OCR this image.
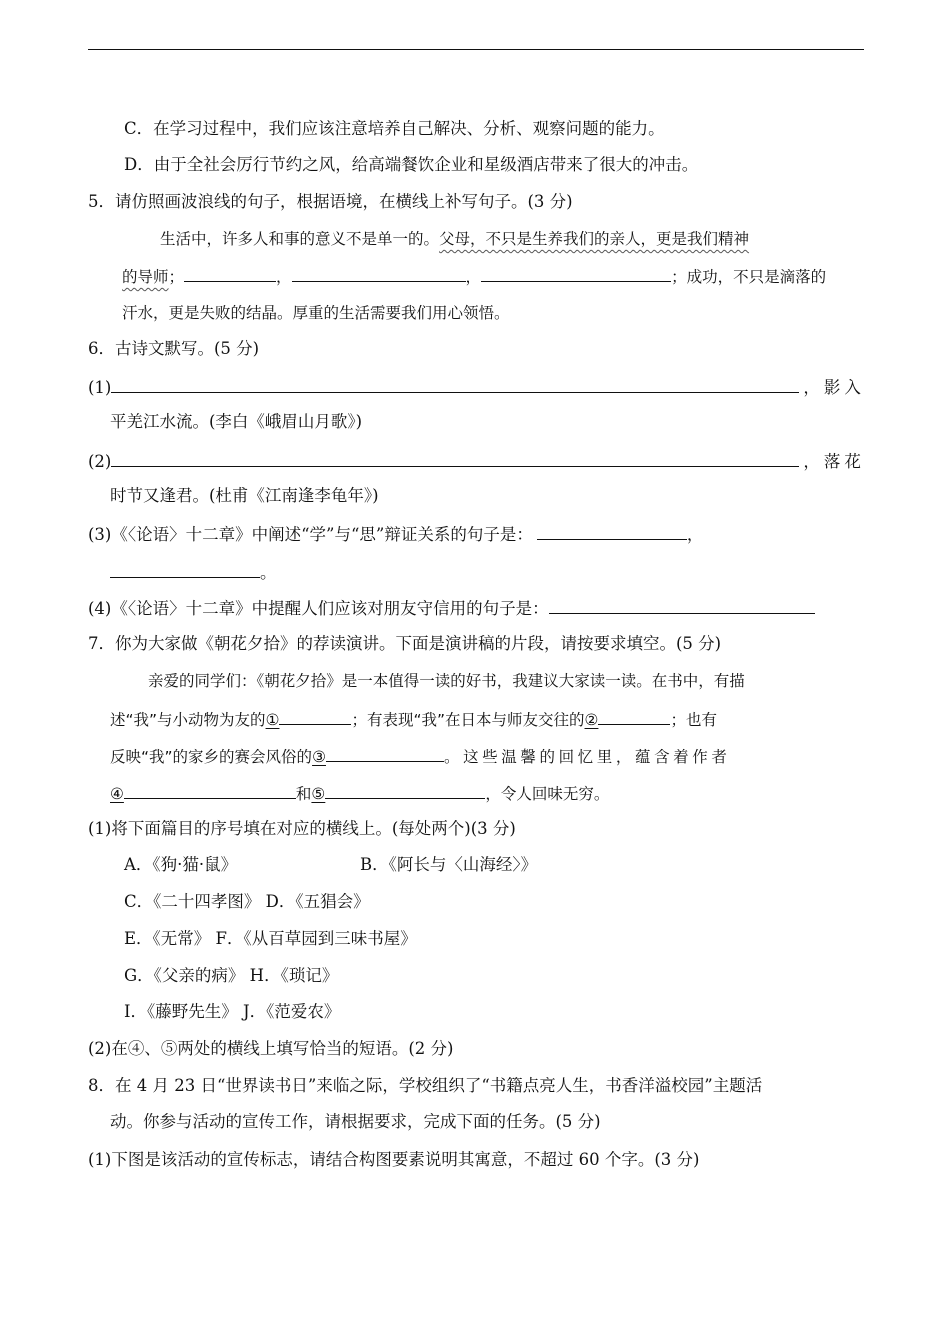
C．在学习过程中，我们应该注意培养自己解决、分析、观察问题的能力。
D．由于全社会厉行节约之风，给高端餐饮企业和星级酒店带来了很大的冲击。
5．请仿照画波浪线的句子，根据语境，在横线上补写句子。(3 分)
生活中，许多人和事的意义不是单一的。父母，不只是生养我们的亲人，更是我们精神
的导师；	，	，	；成功，不只是滴落的
汗水，更是失败的结晶。厚重的生活需要我们用心领悟。
6．古诗文默写。(5 分)
(1)	，影入
平羌江水流。(李白《峨眉山月歌》)
(2)	，落花
时节又逢君。(杜甫《江南逢李龟年》)
(3)《〈论语〉十二章》中阐述“学”与“思”辩证关系的句子是：	，
。
(4)《〈论语〉十二章》中提醒人们应该对朋友守信用的句子是：
7．你为大家做《朝花夕拾》的荐读演讲。下面是演讲稿的片段，请按要求填空。(5 分)
亲爱的同学们：《朝花夕拾》是一本值得一读的好书，我建议大家读一读。在书中，有描
述“我”与小动物为友的①	；有表现“我”在日本与师友交往的②	；也有
反映“我”的家乡的赛会风俗的③	。这些温馨的回忆里，蕴含着作者
④	和⑤	，令人回味无穷。
(1)将下面篇目的序号填在对应的横线上。(每处两个)(3 分)
A．《狗·猫·鼠》	B．《阿长与〈山海经〉》
C．《二十四孝图》 D．《五猖会》
E．《无常》 F．《从百草园到三味书屋》
G．《父亲的病》 H．《琐记》
I．《藤野先生》 J．《范爱农》
(2)在④、⑤两处的横线上填写恰当的短语。(2 分)
8．在 4 月 23 日“世界读书日”来临之际，学校组织了“书籍点亮人生，书香洋溢校园”主题活
动。你参与活动的宣传工作，请根据要求，完成下面的任务。(5 分)
(1)下图是该活动的宣传标志，请结合构图要素说明其寓意，不超过 60 个字。(3 分)
